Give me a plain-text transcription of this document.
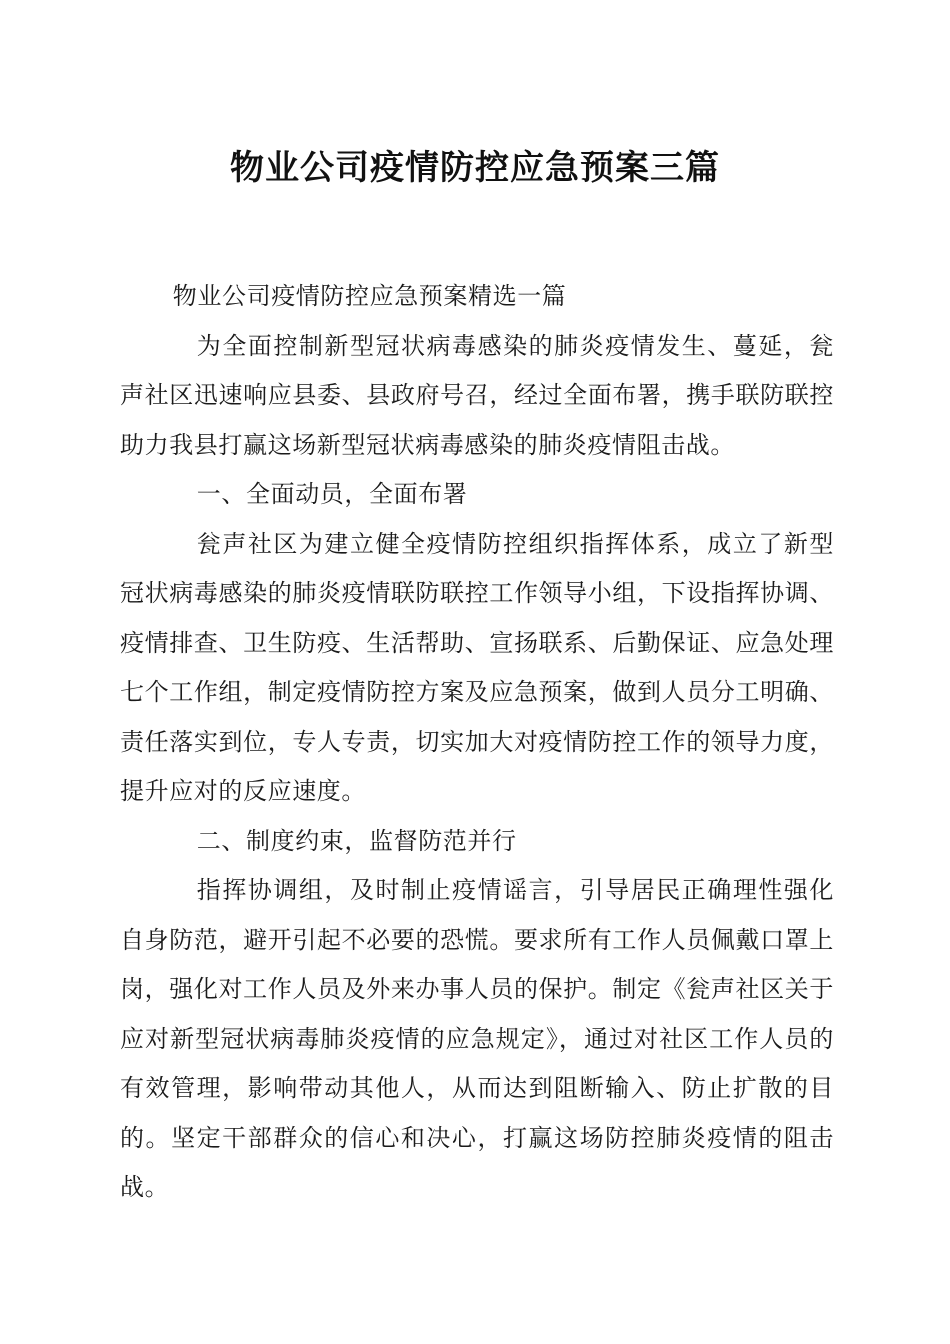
物业公司疫情防控应急预案三篇

物业公司疫情防控应急预案精选一篇

为全面控制新型冠状病毒感染的肺炎疫情发生、蔓延，瓮声社区迅速响应县委、县政府号召，经过全面布署，携手联防联控助力我县打赢这场新型冠状病毒感染的肺炎疫情阻击战。

一、全面动员，全面布署

瓮声社区为建立健全疫情防控组织指挥体系，成立了新型冠状病毒感染的肺炎疫情联防联控工作领导小组，下设指挥协调、疫情排查、卫生防疫、生活帮助、宣扬联系、后勤保证、应急处理七个工作组，制定疫情防控方案及应急预案，做到人员分工明确、责任落实到位，专人专责，切实加大对疫情防控工作的领导力度，提升应对的反应速度。

二、制度约束，监督防范并行

指挥协调组，及时制止疫情谣言，引导居民正确理性强化自身防范，避开引起不必要的恐慌。要求所有工作人员佩戴口罩上岗，强化对工作人员及外来办事人员的保护。制定《瓮声社区关于应对新型冠状病毒肺炎疫情的应急规定》，通过对社区工作人员的有效管理，影响带动其他人，从而达到阻断输入、防止扩散的目的。坚定干部群众的信心和决心，打赢这场防控肺炎疫情的阻击战。
